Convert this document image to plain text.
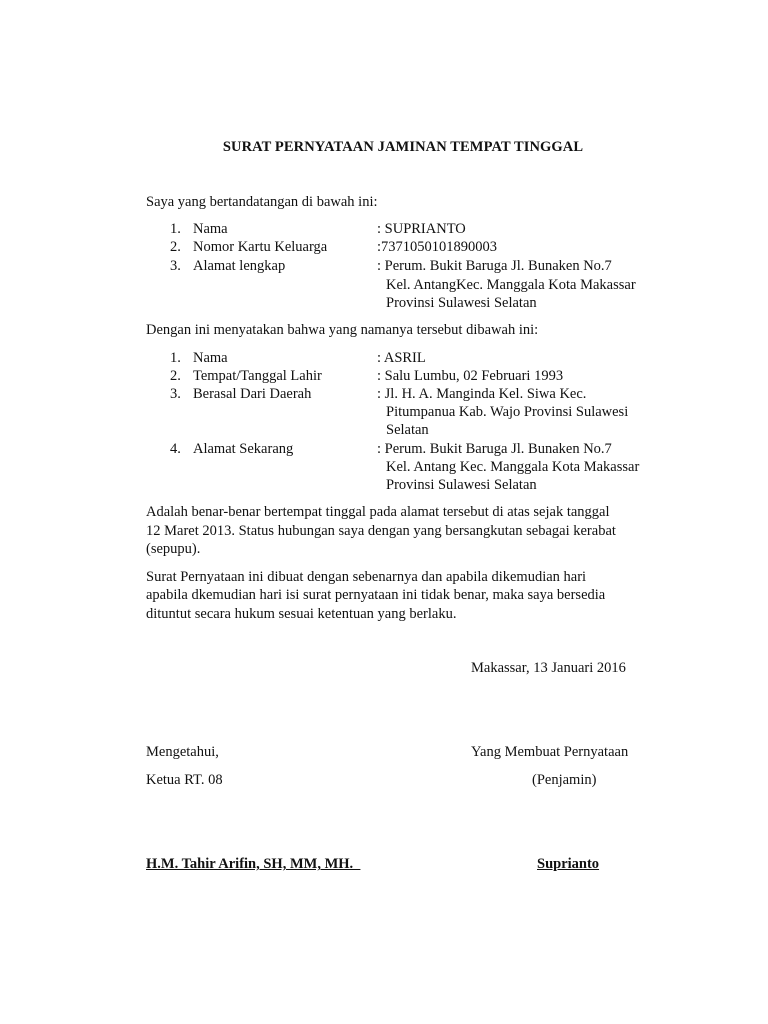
SURAT PERNYATAAN JAMINAN TEMPAT TINGGAL
Saya yang bertandatangan di bawah ini:
1. Nama	: SUPRIANTO
2. Nomor Kartu Keluarga	:7371050101890003
3. Alamat lengkap	: Perum. Bukit Baruga Jl. Bunaken No.7
Kel. AntangKec. Manggala Kota Makassar
Provinsi Sulawesi Selatan
Dengan ini menyatakan bahwa yang namanya tersebut dibawah ini:
1. Nama	: ASRIL
2. Tempat/Tanggal Lahir	: Salu Lumbu, 02 Februari 1993
3. Berasal Dari Daerah	: Jl. H. A. Manginda Kel. Siwa Kec.
Pitumpanua Kab. Wajo Provinsi Sulawesi
Selatan
4. Alamat Sekarang	: Perum. Bukit Baruga Jl. Bunaken No.7
Kel. Antang Kec. Manggala Kota Makassar
Provinsi Sulawesi Selatan
Adalah benar-benar bertempat tinggal pada alamat tersebut di atas sejak tanggal
12 Maret 2013. Status hubungan saya dengan yang bersangkutan sebagai kerabat
(sepupu).
Surat Pernyataan ini dibuat dengan sebenarnya dan apabila dikemudian hari
apabila dkemudian hari isi surat pernyataan ini tidak benar, maka saya bersedia
dituntut secara hukum sesuai ketentuan yang berlaku.
Makassar, 13 Januari 2016
Mengetahui,
Ketua RT. 08
H.M. Tahir Arifin, SH, MM, MH.
Yang Membuat Pernyataan
(Penjamin)
Suprianto
